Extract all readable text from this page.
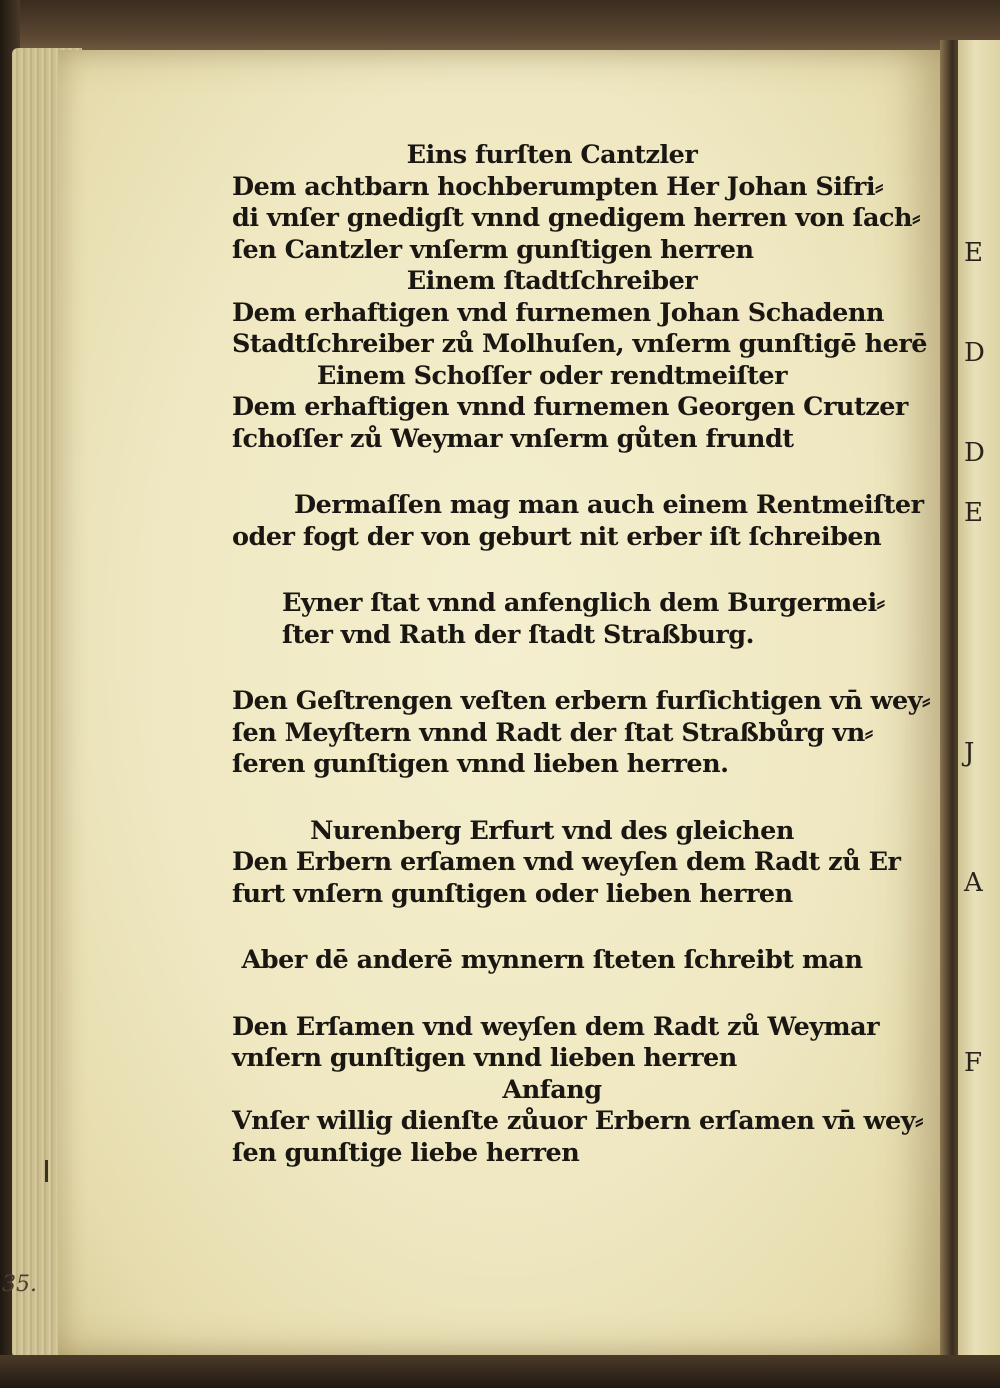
E
D
D
E
J
A
F
35.
Eins furſten Cantzler
Dem achtbarn hochberumpten Her Johan Sifri⸗
di vnſer gnedigſt vnnd gnedigem herren von ſach⸗
ſen Cantzler vnſerm gunſtigen herren
Einem ſtadtſchreiber
Dem erhaftigen vnd furnemen Johan Schadenn
Stadtſchreiber zů Molhuſen, vnſerm gunſtigē herē
Einem Schoſſer oder rendtmeiſter
Dem erhaftigen vnnd furnemen Georgen Crutzer
ſchoſſer zů Weymar vnſerm gůten frundt
Dermaſſen mag man auch einem Rentmeiſter
oder fogt der von geburt nit erber iſt ſchreiben
Eyner ſtat vnnd anfenglich dem Burgermei⸗
ſter vnd Rath der ſtadt Straßburg.
Den Geſtrengen veſten erbern furſichtigen vn̄ wey⸗
ſen Meyſtern vnnd Radt der ſtat Straßbůrg vn⸗
ſeren gunſtigen vnnd lieben herren.
Nurenberg Erfurt vnd des gleichen
Den Erbern erſamen vnd weyſen dem Radt zů Er
furt vnſern gunſtigen oder lieben herren
Aber dē anderē mynnern ſteten ſchreibt man
Den Erſamen vnd weyſen dem Radt zů Weymar
vnſern gunſtigen vnnd lieben herren
Anfang
Vnſer willig dienſte zůuor Erbern erſamen vn̄ wey⸗
ſen gunſtige liebe herren
